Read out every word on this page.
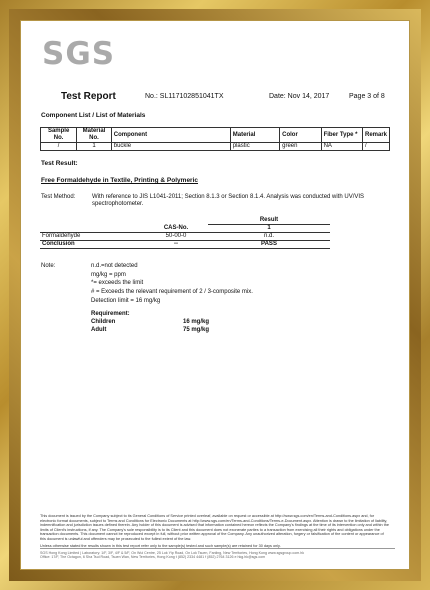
SGS
Test Report	No.: SL117102851041TX	Date: Nov 14, 2017	Page 3 of 8
Component List / List of Materials
Sample No.	Material No.	Component	Material	Color	Fiber Type *	Remark
/	1	buckle	plastic	green	NA	/
Test Result:
Free Formaldehyde in Textile, Printing & Polymeric
Test Method:	With reference to JIS L1041-2011; Section 8.1.3 or Section 8.1.4. Analysis was conducted with UV/VIS spectrophotometer.
		Result
	CAS-No.	1
Formaldehyde	50-00-0	n.d.
Conclusion	--	PASS
Note:	n.d.=not detected
mg/kg = ppm
*= exceeds the limit
# = Exceeds the relevant requirement of 2 / 3-composite mix.
Detection limit = 16 mg/kg
Requirement:
Children	16 mg/kg
Adult	75 mg/kg
This document is issued by the Company subject to its General Conditions of Service printed overleaf, available on request or accessible at http://www.sgs.com/en/Terms-and-Conditions.aspx and, for electronic format documents, subject to Terms and Conditions for Electronic Documents at http://www.sgs.com/en/Terms-and-Conditions/Terms-e-Document.aspx. Attention is drawn to the limitation of liability, indemnification and jurisdiction issues defined therein. Any holder of this document is advised that information contained hereon reflects the Company's findings at the time of its intervention only and within the limits of Client's instructions, if any. The Company's sole responsibility is to its Client and this document does not exonerate parties to a transaction from exercising all their rights and obligations under the transaction documents. This document cannot be reproduced except in full, without prior written approval of the Company. Any unauthorized alteration, forgery or falsification of the content or appearance of this document is unlawful and offenders may be prosecuted to the fullest extent of the law.
Unless otherwise stated the results shown in this test report refer only to the sample(s) tested and such sample(s) are retained for 30 days only.
SGS Hong Kong Limited | Laboratory: 1/F, 3/F, 4/F & 5/F, On Wui Centre, 25 Lok Yip Road, On Lok Tsuen, Fanling, New Territories, Hong Kong www.sgsgroup.com.hk
Office: 17/F, The Octagon, 6 Sha Tsui Road, Tsuen Wan, New Territories, Hong Kong t (852) 2334 4481 f (852) 2764 3126 e hkg.hk@sgs.com
